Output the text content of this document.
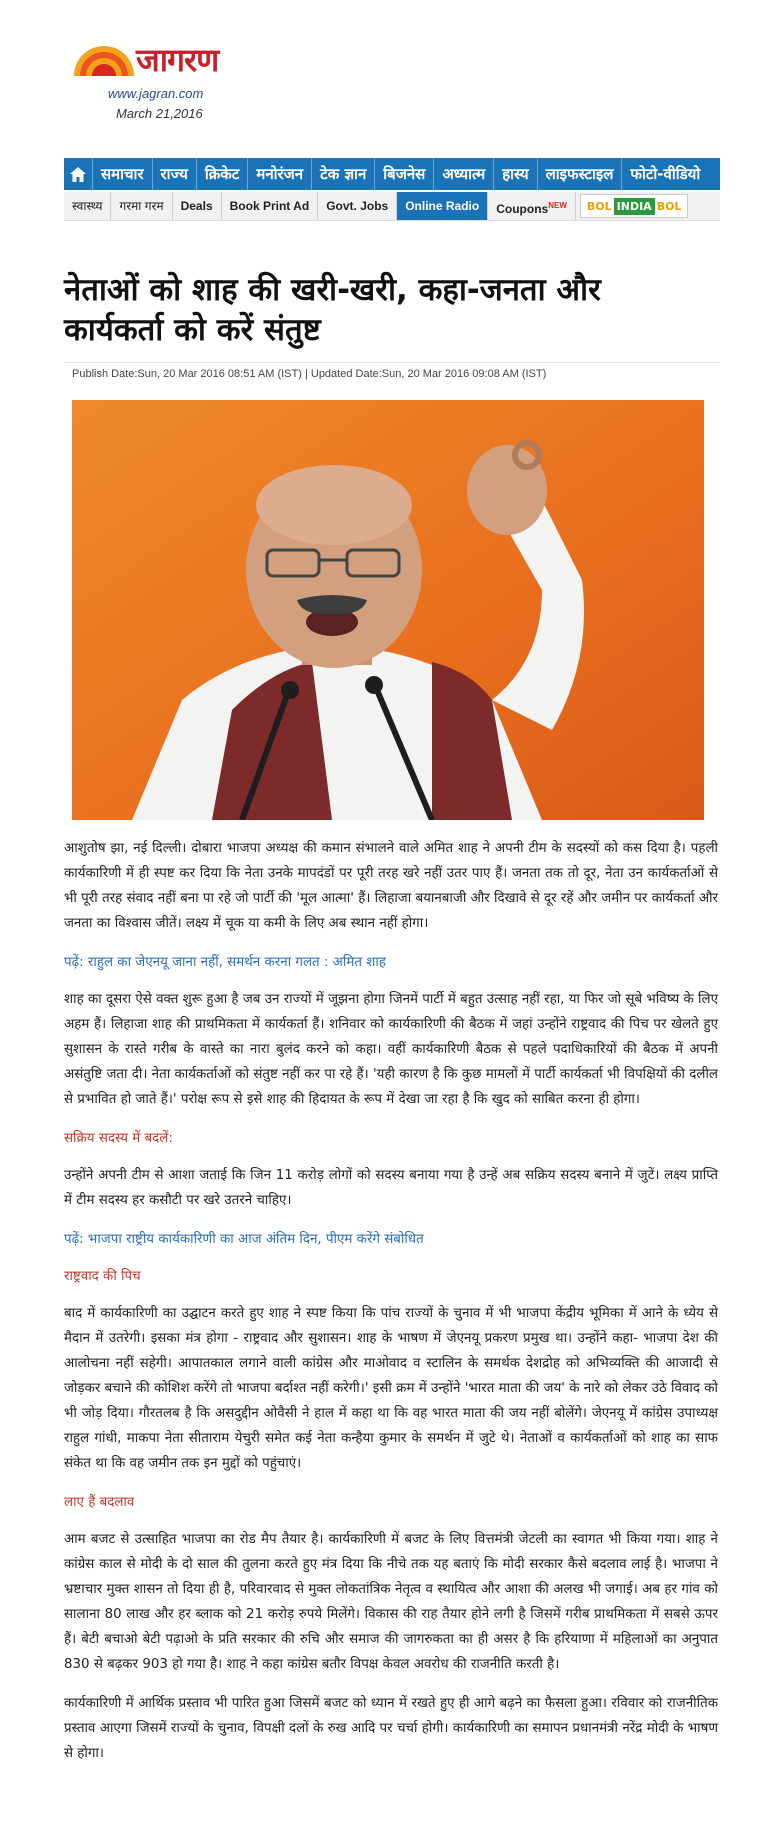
जागरण
www.jagran.com
March 21,2016
समाचार	राज्य	क्रिकेट	मनोरंजन	टेक ज्ञान	बिजनेस	अध्यात्म	हास्य	लाइफस्टाइल	फोटो-वीडियो
स्वास्थ्य	गरमा गरम	Deals	Book Print Ad	Govt. Jobs	Online Radio	Coupons$^{NEW}$	BOL INDIA BOL
नेताओं को शाह की खरी-खरी, कहा-जनता और कार्यकर्ता को करें संतुष्ट
Publish Date:Sun, 20 Mar 2016 08:51 AM (IST) | Updated Date:Sun, 20 Mar 2016 09:08 AM (IST)

आशुतोष झा, नई दिल्ली। दोबारा भाजपा अध्यक्ष की कमान संभालने वाले अमित शाह ने अपनी टीम के सदस्यों को कस दिया है। पहली कार्यकारिणी में ही स्पष्ट कर दिया कि नेता उनके मापदंडों पर पूरी तरह खरे नहीं उतर पाए हैं। जनता तक तो दूर, नेता उन कार्यकर्ताओं से भी पूरी तरह संवाद नहीं बना पा रहे जो पार्टी की 'मूल आत्मा' हैं। लिहाजा बयानबाजी और दिखावे से दूर रहें और जमीन पर कार्यकर्ता और जनता का विश्वास जीतें। लक्ष्य में चूक या कमी के लिए अब स्थान नहीं होगा।

पढ़ें: राहुल का जेएनयू जाना नहीं, समर्थन करना गलत : अमित शाह

शाह का दूसरा ऐसे वक्त शुरू हुआ है जब उन राज्यों में जूझना होगा जिनमें पार्टी में बहुत उत्साह नहीं रहा, या फिर जो सूबे भविष्य के लिए अहम हैं। लिहाजा शाह की प्राथमिकता में कार्यकर्ता हैं। शनिवार को कार्यकारिणी की बैठक में जहां उन्होंने राष्ट्रवाद की पिच पर खेलते हुए सुशासन के रास्ते गरीब के वास्ते का नारा बुलंद करने को कहा। वहीं कार्यकारिणी बैठक से पहले पदाधिकारियों की बैठक में अपनी असंतुष्टि जता दी। नेता कार्यकर्ताओं को संतुष्ट नहीं कर पा रहे हैं। 'यही कारण है कि कुछ मामलों में पार्टी कार्यकर्ता भी विपक्षियों की दलील से प्रभावित हो जाते हैं।' परोक्ष रूप से इसे शाह की हिदायत के रूप में देखा जा रहा है कि खुद को साबित करना ही होगा।

सक्रिय सदस्य में बदलें:

उन्होंने अपनी टीम से आशा जताई कि जिन 11 करोड़ लोगों को सदस्य बनाया गया है उन्हें अब सक्रिय सदस्य बनाने में जुटें। लक्ष्य प्राप्ति में टीम सदस्य हर कसौटी पर खरे उतरने चाहिए।

पढ़ें: भाजपा राष्ट्रीय कार्यकारिणी का आज अंतिम दिन, पीएम करेंगे संबोधित

राष्ट्रवाद की पिच

बाद में कार्यकारिणी का उद्घाटन करते हुए शाह ने स्पष्ट किया कि पांच राज्यों के चुनाव में भी भाजपा केंद्रीय भूमिका में आने के ध्येय से मैदान में उतरेगी। इसका मंत्र होगा - राष्ट्रवाद और सुशासन। शाह के भाषण में जेएनयू प्रकरण प्रमुख था। उन्होंने कहा- भाजपा देश की आलोचना नहीं सहेगी। आपातकाल लगाने वाली कांग्रेस और माओवाद व स्टालिन के समर्थक देशद्रोह को अभिव्यक्ति की आजादी से जोड़कर बचाने की कोशिश करेंगे तो भाजपा बर्दाश्त नहीं करेगी।' इसी क्रम में उन्होंने 'भारत माता की जय' के नारे को लेकर उठे विवाद को भी जोड़ दिया। गौरतलब है कि असदुद्दीन ओवैसी ने हाल में कहा था कि वह भारत माता की जय नहीं बोलेंगे। जेएनयू में कांग्रेस उपाध्यक्ष राहुल गांधी, माकपा नेता सीताराम येचुरी समेत कई नेता कन्हैया कुमार के समर्थन में जुटे थे। नेताओं व कार्यकर्ताओं को शाह का साफ संकेत था कि वह जमीन तक इन मुद्दों को पहुंचाएं।

लाए हैं बदलाव

आम बजट से उत्साहित भाजपा का रोड मैप तैयार है। कार्यकारिणी में बजट के लिए वित्तमंत्री जेटली का स्वागत भी किया गया। शाह ने कांग्रेस काल से मोदी के दो साल की तुलना करते हुए मंत्र दिया कि नीचे तक यह बताएं कि मोदी सरकार कैसे बदलाव लाई है। भाजपा ने भ्रष्टाचार मुक्त शासन तो दिया ही है, परिवारवाद से मुक्त लोकतांत्रिक नेतृत्व व स्थायित्व और आशा की अलख भी जगाई। अब हर गांव को सालाना 80 लाख और हर ब्लाक को 21 करोड़ रुपये मिलेंगे। विकास की राह तैयार होने लगी है जिसमें गरीब प्राथमिकता में सबसे ऊपर हैं। बेटी बचाओ बेटी पढ़ाओ के प्रति सरकार की रुचि और समाज की जागरुकता का ही असर है कि हरियाणा में महिलाओं का अनुपात 830 से बढ़कर 903 हो गया है। शाह ने कहा कांग्रेस बतौर विपक्ष केवल अवरोध की राजनीति करती है।

कार्यकारिणी में आर्थिक प्रस्ताव भी पारित हुआ जिसमें बजट को ध्यान में रखते हुए ही आगे बढ़ने का फैसला हुआ। रविवार को राजनीतिक प्रस्ताव आएगा जिसमें राज्यों के चुनाव, विपक्षी दलों के रुख आदि पर चर्चा होगी। कार्यकारिणी का समापन प्रधानमंत्री नरेंद्र मोदी के भाषण से होगा।
